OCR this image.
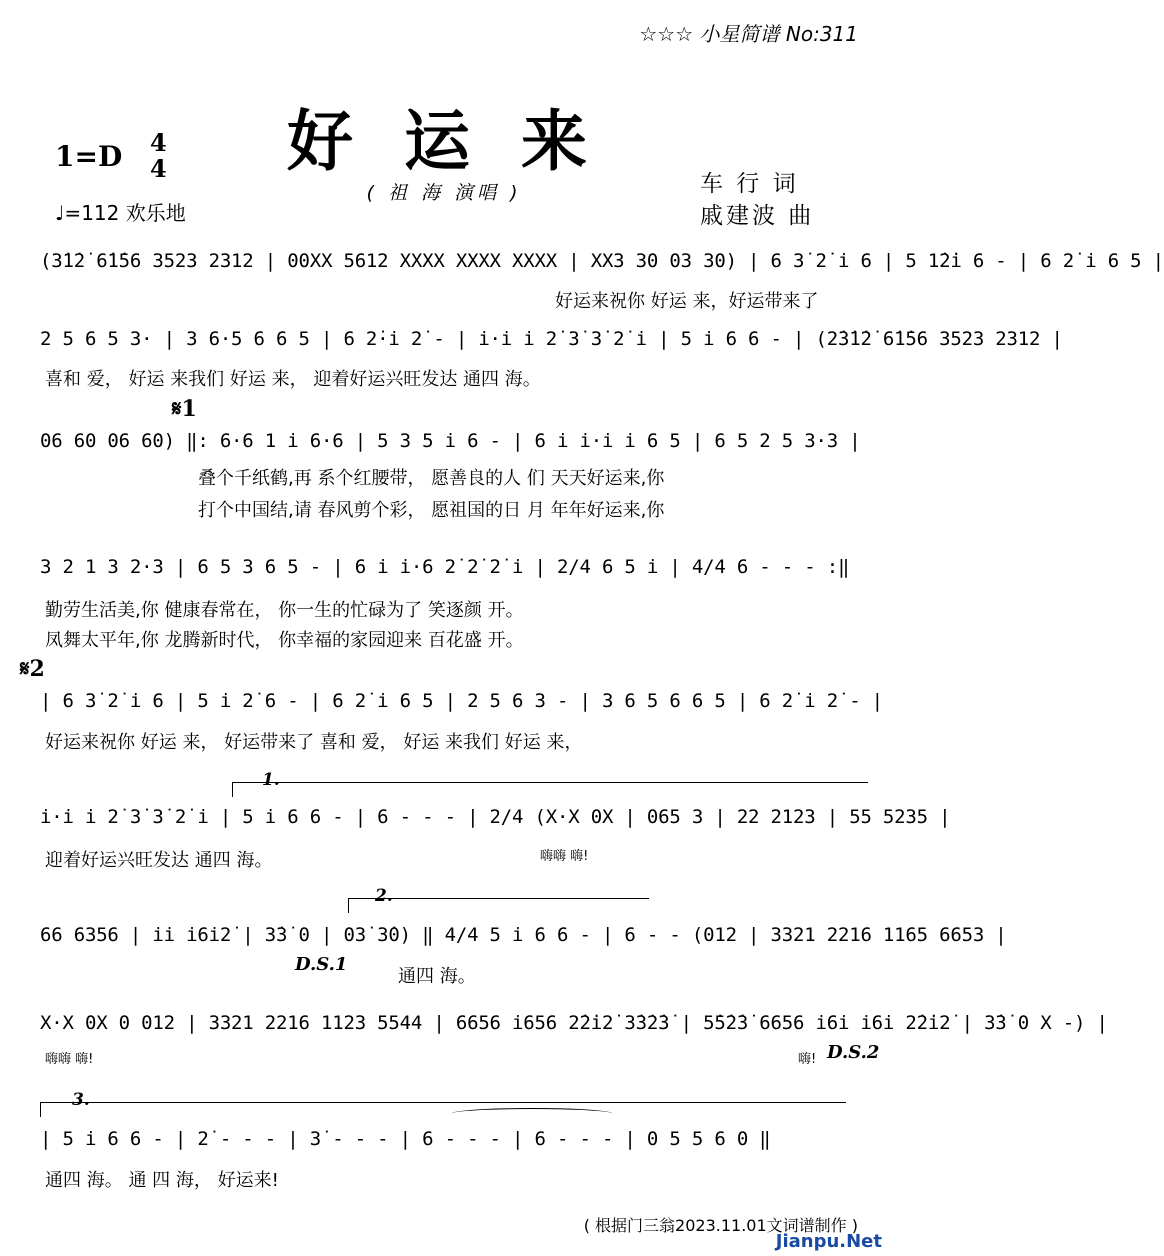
☆☆☆ 小星简谱 No:311
好 运 来
( 祖 海 演唱 )
1=D 4
4
♩=112 欢乐地
车 行 词
戚建波 曲
(3̇1̇2̇ 6̇1̇56 3523 2312 | 00XX 5612 XXXX XXXX XXXX | XX3 30 03 30) | 6 3̇ 2̇ i 6 | 5 1̇2̇i 6 - | 6 2̇ i 6 5 |
好运来祝你 好运 来，好运带来了
2 5 6 5 3· | 3 6·5 6 6 5 | 6 2̇·i 2̇ - | i·i i 2̇ 3̇ 3̇ 2̇ i | 5 i 6 6 - | (2̇3̇1̇2̇ 6̇1̇56 3523 2312 |
喜和 爱， 好运 来我们 好运 来， 迎着好运兴旺发达 通四 海。
𝄋1
06 60 06 60) ‖: 6·6 1 i 6·6 | 5 3 5 i 6 - | 6 i i·i i 6 5 | 6 5 2 5 3·3 |
叠个千纸鹤,再 系个红腰带， 愿善良的人 们 天天好运来,你
打个中国结,请 春风剪个彩， 愿祖国的日 月 年年好运来,你
3 2 1 3 2·3 | 6 5 3 6 5 - | 6 i i·6 2̇ 2̇ 2̇ i | 2/4 6 5 i | 4/4 6 - - - :‖
勤劳生活美,你 健康春常在， 你一生的忙碌为了 笑逐颜 开。
凤舞太平年,你 龙腾新时代， 你幸福的家园迎来 百花盛 开。
𝄋2
| 6 3̇ 2̇ i 6 | 5 i 2̇ 6 - | 6 2̇ i 6 5 | 2 5 6 3 - | 3 6 5 6 6 5 | 6 2̇ i 2̇ - |
好运来祝你 好运 来， 好运带来了 喜和 爱， 好运 来我们 好运 来，
1.
i·i i 2̇ 3̇ 3̇ 2̇ i | 5 i 6 6 - | 6 - - - | 2/4 (X·X 0X | 065 3 | 22 2123 | 55 5235 |
迎着好运兴旺发达 通四 海。	嗨嗨 嗨!
2.
66 6356 | ii i6i2̇ | 3̇3̇ 0 | 03̇ 3̇0) ‖ 4/4 5 i 6 6 - | 6 - - (012 | 3321 2216 1165 6653 |
D.S.1
通四 海。
X·X 0X 0 012 | 3321 2216 1123 5544 | 6656 i656 2̇2̇i2̇ 3̇3̇2̇3̇ | 5̇5̇2̇3̇ 6656 i6i i6i 2̇2̇i2̇ | 3̇3̇ 0 X -) |
嗨嗨 嗨!	嗨! D.S.2
3.
| 5 i 6 6 - | 2̇ - - - | 3̇ - - - | 6 - - - | 6 - - - | 0 5 5 6 0 ‖
通四 海。 通 四 海， 好运来!
( 根据门三翁2023.11.01文词谱制作 )
Jianpu.Net
